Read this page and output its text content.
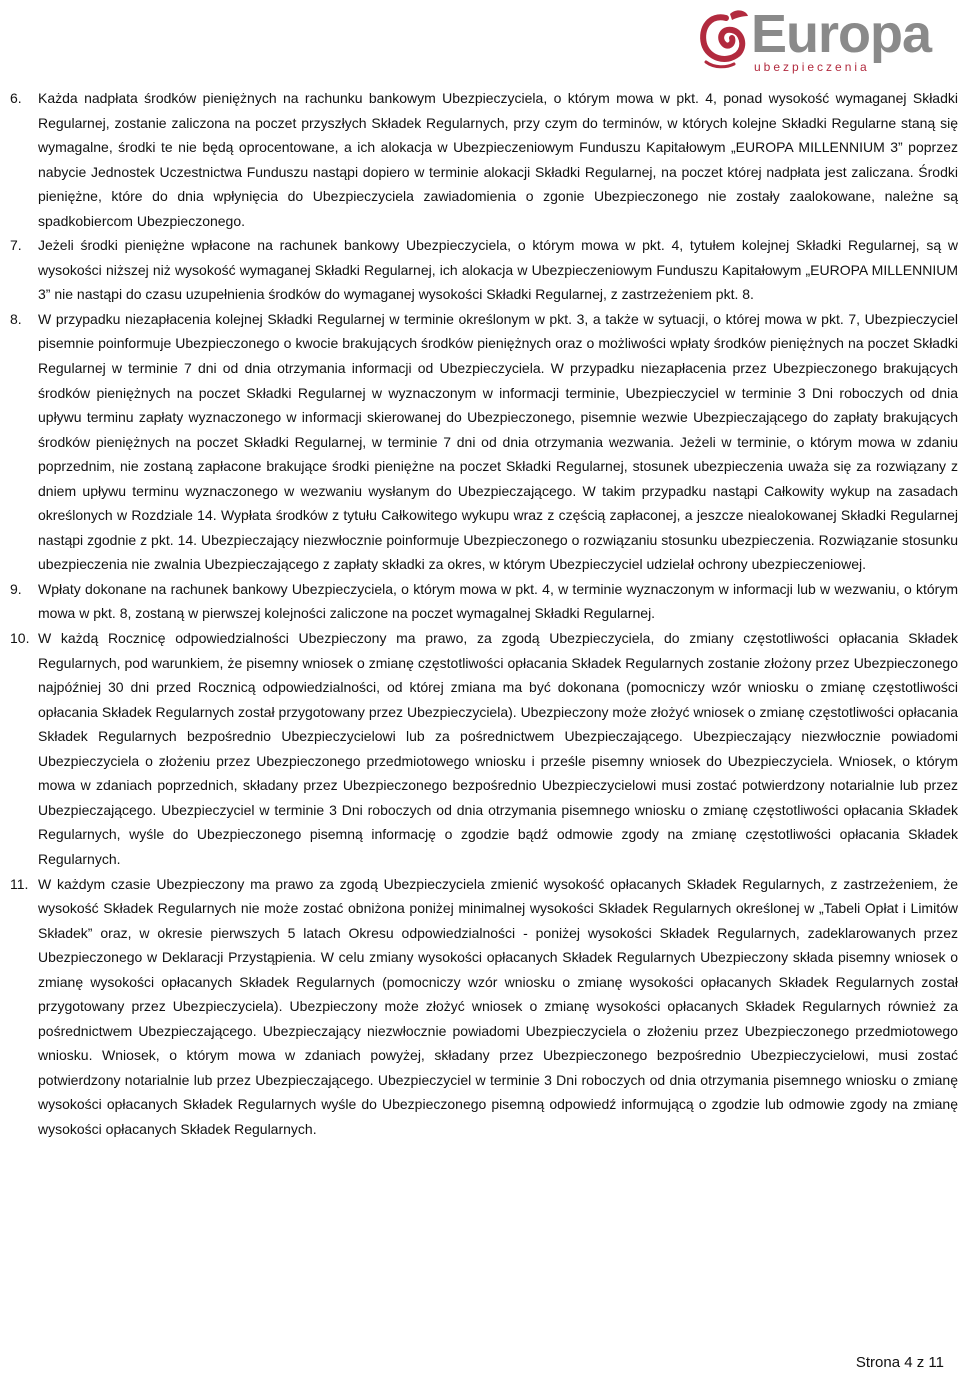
Europa
ubezpieczenia
6.	Każda nadpłata środków pieniężnych na rachunku bankowym Ubezpieczyciela, o którym mowa w pkt. 4, ponad wysokość wymaganej Składki Regularnej, zostanie zaliczona na poczet przyszłych Składek Regularnych, przy czym do terminów, w których kolejne Składki Regularne staną się wymagalne, środki te nie będą oprocentowane, a ich alokacja w Ubezpieczeniowym Funduszu Kapitałowym „EUROPA MILLENNIUM 3” poprzez nabycie Jednostek Uczestnictwa Funduszu nastąpi dopiero w terminie alokacji Składki Regularnej, na poczet której nadpłata jest zaliczana. Środki pieniężne, które do dnia wpłynięcia do Ubezpieczyciela zawiadomienia o zgonie Ubezpieczonego nie zostały zaalokowane, należne są spadkobiercom Ubezpieczonego.
7.	Jeżeli środki pieniężne wpłacone na rachunek bankowy Ubezpieczyciela, o którym mowa w pkt. 4, tytułem kolejnej Składki Regularnej, są w wysokości niższej niż wysokość wymaganej Składki Regularnej, ich alokacja w Ubezpieczeniowym Funduszu Kapitałowym „EUROPA MILLENNIUM 3” nie nastąpi do czasu uzupełnienia środków do wymaganej wysokości Składki Regularnej, z zastrzeżeniem pkt. 8.
8.	W przypadku niezapłacenia kolejnej Składki Regularnej w terminie określonym w pkt. 3, a także w sytuacji, o której mowa w pkt. 7, Ubezpieczyciel pisemnie poinformuje Ubezpieczonego o kwocie brakujących środków pieniężnych oraz o możliwości wpłaty środków pieniężnych na poczet Składki Regularnej w terminie 7 dni od dnia otrzymania informacji od Ubezpieczyciela. W przypadku niezapłacenia przez Ubezpieczonego brakujących środków pieniężnych na poczet Składki Regularnej w wyznaczonym w informacji terminie, Ubezpieczyciel w terminie 3 Dni roboczych od dnia upływu terminu zapłaty wyznaczonego w informacji skierowanej do Ubezpieczonego, pisemnie wezwie Ubezpieczającego do zapłaty brakujących środków pieniężnych na poczet Składki Regularnej, w terminie 7 dni od dnia otrzymania wezwania. Jeżeli w terminie, o którym mowa w zdaniu poprzednim, nie zostaną zapłacone brakujące środki pieniężne na poczet Składki Regularnej, stosunek ubezpieczenia uważa się za rozwiązany z dniem upływu terminu wyznaczonego w wezwaniu wysłanym do Ubezpieczającego. W takim przypadku nastąpi Całkowity wykup na zasadach określonych w Rozdziale 14. Wypłata środków z tytułu Całkowitego wykupu wraz z częścią zapłaconej, a jeszcze niealokowanej Składki Regularnej nastąpi zgodnie z pkt. 14. Ubezpieczający niezwłocznie poinformuje Ubezpieczonego o rozwiązaniu stosunku ubezpieczenia. Rozwiązanie stosunku ubezpieczenia nie zwalnia Ubezpieczającego z zapłaty składki za okres, w którym Ubezpieczyciel udzielał ochrony ubezpieczeniowej.
9.	Wpłaty dokonane na rachunek bankowy Ubezpieczyciela, o którym mowa w pkt. 4, w terminie wyznaczonym w informacji lub w wezwaniu, o którym mowa w pkt. 8, zostaną w pierwszej kolejności zaliczone na poczet wymagalnej Składki Regularnej.
10. W każdą Rocznicę odpowiedzialności Ubezpieczony ma prawo, za zgodą Ubezpieczyciela, do zmiany częstotliwości opłacania Składek Regularnych, pod warunkiem, że pisemny wniosek o zmianę częstotliwości opłacania Składek Regularnych zostanie złożony przez Ubezpieczonego najpóźniej 30 dni przed Rocznicą odpowiedzialności, od której zmiana ma być dokonana (pomocniczy wzór wniosku o zmianę częstotliwości opłacania Składek Regularnych został przygotowany przez Ubezpieczyciela). Ubezpieczony może złożyć wniosek o zmianę częstotliwości opłacania Składek Regularnych bezpośrednio Ubezpieczycielowi lub za pośrednictwem Ubezpieczającego. Ubezpieczający niezwłocznie powiadomi Ubezpieczyciela o złożeniu przez Ubezpieczonego przedmiotowego wniosku i prześle pisemny wniosek do Ubezpieczyciela. Wniosek, o którym mowa w zdaniach poprzednich, składany przez Ubezpieczonego bezpośrednio Ubezpieczycielowi musi zostać potwierdzony notarialnie lub przez Ubezpieczającego. Ubezpieczyciel w terminie 3 Dni roboczych od dnia otrzymania pisemnego wniosku o zmianę częstotliwości opłacania Składek Regularnych, wyśle do Ubezpieczonego pisemną informację o zgodzie bądź odmowie zgody na zmianę częstotliwości opłacania Składek Regularnych.
11. W każdym czasie Ubezpieczony ma prawo za zgodą Ubezpieczyciela zmienić wysokość opłacanych Składek Regularnych, z zastrzeżeniem, że wysokość Składek Regularnych nie może zostać obniżona poniżej minimalnej wysokości Składek Regularnych określonej w „Tabeli Opłat i Limitów Składek” oraz, w okresie pierwszych 5 latach Okresu odpowiedzialności - poniżej wysokości Składek Regularnych, zadeklarowanych przez Ubezpieczonego w Deklaracji Przystąpienia. W celu zmiany wysokości opłacanych Składek Regularnych Ubezpieczony składa pisemny wniosek o zmianę wysokości opłacanych Składek Regularnych (pomocniczy wzór wniosku o zmianę wysokości opłacanych Składek Regularnych został przygotowany przez Ubezpieczyciela). Ubezpieczony może złożyć wniosek o zmianę wysokości opłacanych Składek Regularnych również za pośrednictwem Ubezpieczającego. Ubezpieczający niezwłocznie powiadomi Ubezpieczyciela o złożeniu przez Ubezpieczonego przedmiotowego wniosku. Wniosek, o którym mowa w zdaniach powyżej, składany przez Ubezpieczonego bezpośrednio Ubezpieczycielowi, musi zostać potwierdzony notarialnie lub przez Ubezpieczającego. Ubezpieczyciel w terminie 3 Dni roboczych od dnia otrzymania pisemnego wniosku o zmianę wysokości opłacanych Składek Regularnych wyśle do Ubezpieczonego pisemną odpowiedź informującą o zgodzie lub odmowie zgody na zmianę wysokości opłacanych Składek Regularnych.
Strona 4 z 11
